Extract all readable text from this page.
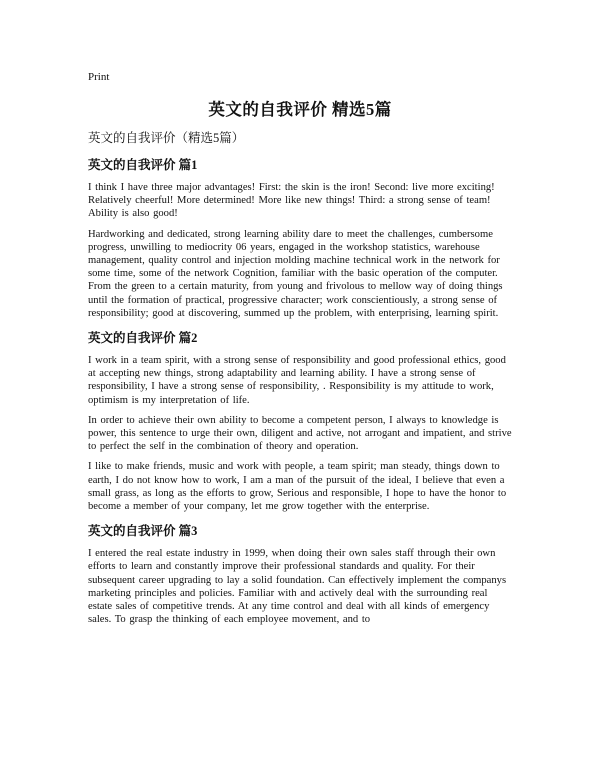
Print

英文的自我评价 精选5篇

英文的自我评价（精选5篇）

英文的自我评价 篇1

I think I have three major advantages! First: the skin is the iron! Second: live more exciting! Relatively cheerful! More determined! More like new things! Third: a strong sense of team! Ability is also good!

Hardworking and dedicated, strong learning ability dare to meet the challenges, cumbersome progress, unwilling to mediocrity 06 years, engaged in the workshop statistics, warehouse management, quality control and injection molding machine technical work in the network for some time, some of the network Cognition, familiar with the basic operation of the computer. From the green to a certain maturity, from young and frivolous to mellow way of doing things until the formation of practical, progressive character; work conscientiously, a strong sense of responsibility; good at discovering, summed up the problem, with enterprising, learning spirit.

英文的自我评价 篇2

I work in a team spirit, with a strong sense of responsibility and good professional ethics, good at accepting new things, strong adaptability and learning ability. I have a strong sense of responsibility, I have a strong sense of responsibility, . Responsibility is my attitude to work, optimism is my interpretation of life.

In order to achieve their own ability to become a competent person, I always to knowledge is power, this sentence to urge their own, diligent and active, not arrogant and impatient, and strive to perfect the self in the combination of theory and operation.

I like to make friends, music and work with people, a team spirit; man steady, things down to earth, I do not know how to work, I am a man of the pursuit of the ideal, I believe that even a small grass, as long as the efforts to grow, Serious and responsible, I hope to have the honor to become a member of your company, let me grow together with the enterprise.

英文的自我评价 篇3

I entered the real estate industry in 1999, when doing their own sales staff through their own efforts to learn and constantly improve their professional standards and quality. For their subsequent career upgrading to lay a solid foundation. Can effectively implement the companys marketing principles and policies. Familiar with and actively deal with the surrounding real estate sales of competitive trends. At any time control and deal with all kinds of emergency sales. To grasp the thinking of each employee movement, and to
